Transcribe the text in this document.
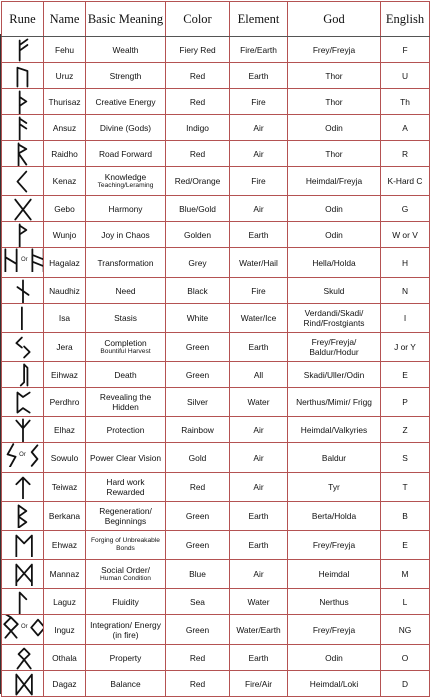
Rune	Name	Basic Meaning	Color	Element	God	English
	Fehu	Wealth	Fiery Red	Fire/Earth	Frey/Freyja	F
	Uruz	Strength	Red	Earth	Thor	U
	Thurisaz	Creative Energy	Red	Fire	Thor	Th
	Ansuz	Divine (Gods)	Indigo	Air	Odin	A
	Raidho	Road Forward	Red	Air	Thor	R
	Kenaz	Knowledge
Teaching/Leraming	Red/Orange	Fire	Heimdal/Freyja	K-Hard C
	Gebo	Harmony	Blue/Gold	Air	Odin	G
	Wunjo	Joy in Chaos	Golden	Earth	Odin	W or V

Or	Hagalaz	Transformation	Grey	Water/Hail	Hella/Holda	H
	Naudhiz	Need	Black	Fire	Skuld	N
	Isa	Stasis	White	Water/Ice	Verdandi/Skadi/ Rind/Frostgiants	I
	Jera	Completion
Bountiful Harvest	Green	Earth	Frey/Freyja/ Baldur/Hodur	J or Y
	Eihwaz	Death	Green	All	Skadi/Uller/Odin	E
	Perdhro	Revealing the Hidden	Silver	Water	Nerthus/Mimir/ Frigg	P
	Elhaz	Protection	Rainbow	Air	Heimdal/Valkyries	Z

Or	Sowulo	Power Clear Vision	Gold	Air	Baldur	S
	Teiwaz	Hard work Rewarded	Red	Air	Tyr	T
	Berkana	Regeneration/ Beginnings	Green	Earth	Berta/Holda	B
	Ehwaz	Forging of Unbreakable Bonds	Green	Earth	Frey/Freyja	E
	Mannaz	Social Order/
Human Condition	Blue	Air	Heimdal	M
	Laguz	Fluidity	Sea	Water	Nerthus	L

Or	Inguz	Integration/ Energy (in fire)	Green	Water/Earth	Frey/Freyja	NG
	Othala	Property	Red	Earth	Odin	O
	Dagaz	Balance	Red	Fire/Air	Heimdal/Loki	D
